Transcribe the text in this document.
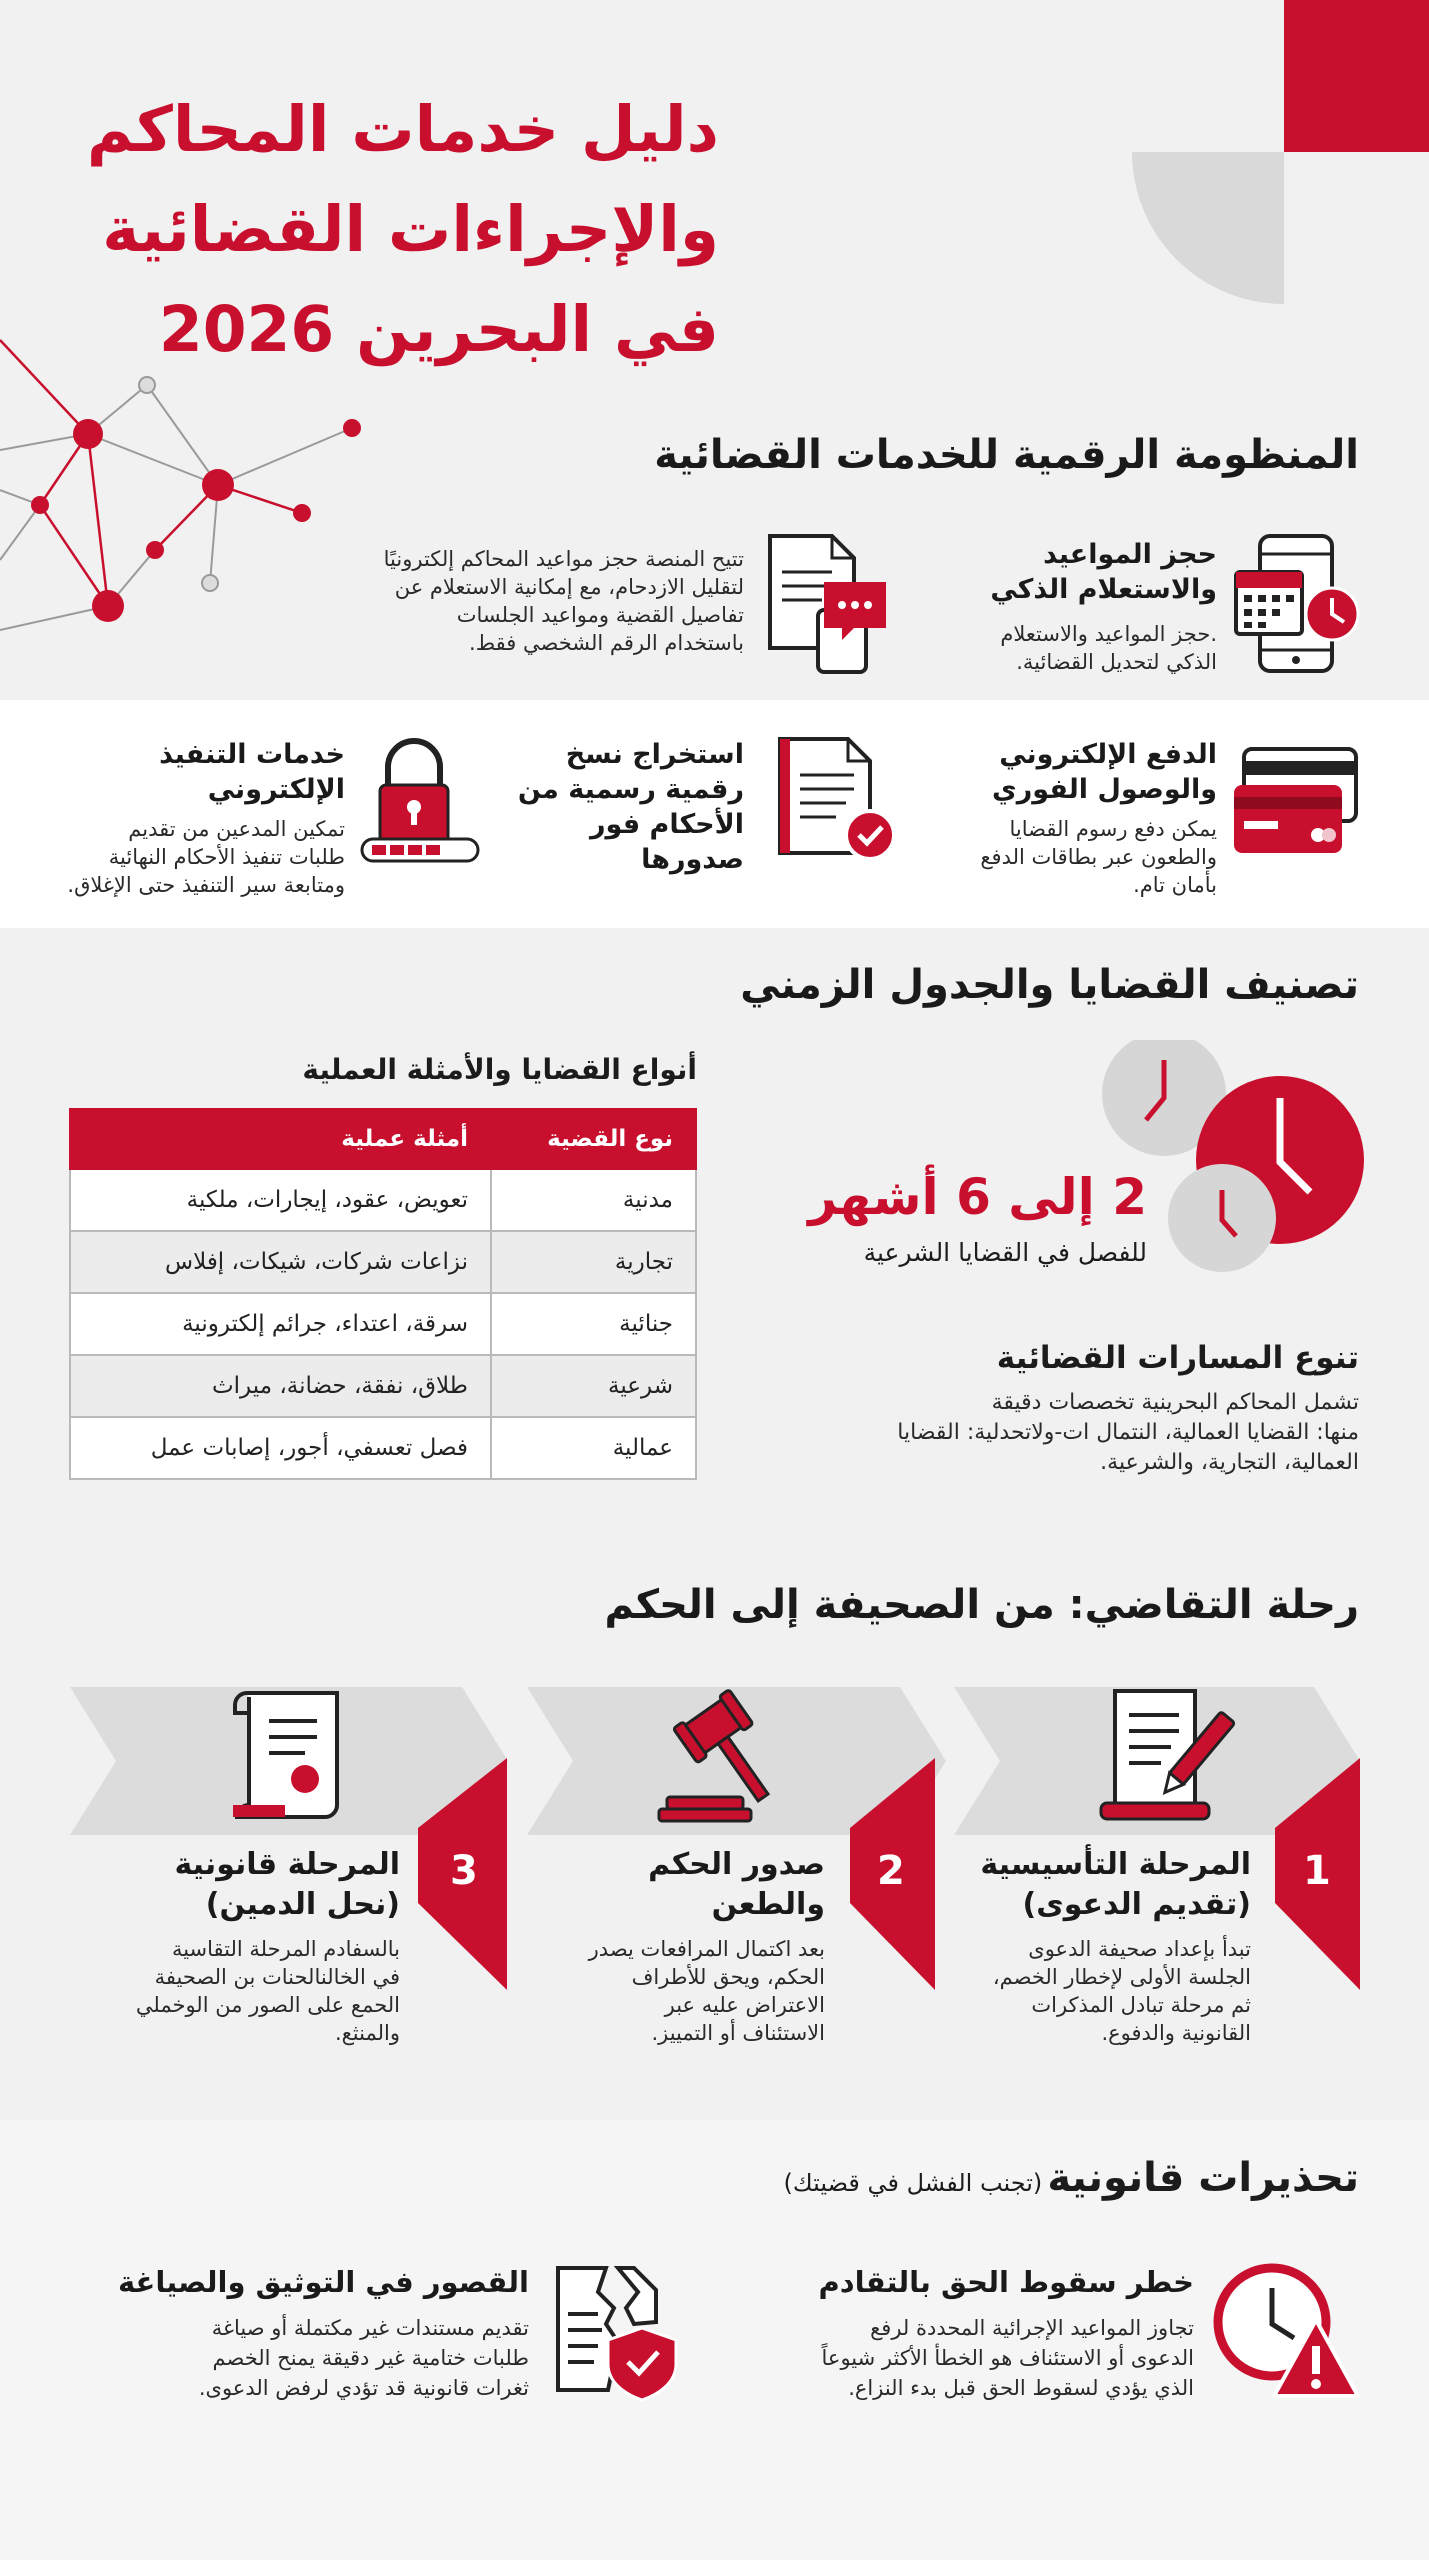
دليل خدمات المحاكم
والإجراءات القضائية
في البحرين 2026
المنظومة الرقمية للخدمات القضائية
حجز المواعيد
والاستعلام الذكي
.حجز المواعيد والاستعلام
الذكي لتحديل القضائية.
تتيح المنصة حجز مواعيد المحاكم إلكترونيًا
لتقليل الازدحام، مع إمكانية الاستعلام عن
تفاصيل القضية ومواعيد الجلسات
باستخدام الرقم الشخصي فقط.
الدفع الإلكتروني
والوصول الفوري
يمكن دفع رسوم القضايا
والطعون عبر بطاقات الدفع
بأمان تام.
استخراج نسخ
رقمية رسمية من
الأحكام فور
صدورها
خدمات التنفيذ
الإلكتروني
تمكين المدعين من تقديم
طلبات تنفيذ الأحكام النهائية
ومتابعة سير التنفيذ حتى الإغلاق.
تصنيف القضايا والجدول الزمني
أنواع القضايا والأمثلة العملية
نوع القضية	أمثلة عملية
مدنية	تعويض، عقود، إيجارات، ملكية
تجارية	نزاعات شركات، شيكات، إفلاس
جنائية	سرقة، اعتداء، جرائم إلكترونية
شرعية	طلاق، نفقة، حضانة، ميراث
عمالية	فصل تعسفي، أجور، إصابات عمل
2 إلى 6 أشهر
للفصل في القضايا الشرعية
تنوع المسارات القضائية
تشمل المحاكم البحرينية تخصصات دقيقة
منها: القضايا العمالية، النتمال ات-ولاتحدلية: القضايا
العمالية، التجارية، والشرعية.
رحلة التقاضي: من الصحيفة إلى الحكم
3	2	1
المرحلة قانونية
(نحل الدمين)
بالسفادم المرحلة التقاسية
في الخالنالحنات بن الصحيفة
الحمع على الصور من الوخملي
والمنثع.
صدور الحكم
والطعن
بعد اكتمال المرافعات يصدر
الحكم، ويحق للأطراف
الاعتراض عليه عبر
الاستئناف أو التمييز.
المرحلة التأسيسية
(تقديم الدعوى)
تبدأ بإعداد صحيفة الدعوى
الجلسة الأولى لإخطار الخصم،
ثم مرحلة تبادل المذكرات
القانونية والدفوع.
تحذيرات قانونية (تجنب الفشل في قضيتك)
خطر سقوط الحق بالتقادم
تجاوز المواعيد الإجرائية المحددة لرفع
الدعوى أو الاستئناف هو الخطأ الأكثر شيوعاً
الذي يؤدي لسقوط الحق قبل بدء النزاع.
القصور في التوثيق والصياغة
تقديم مستندات غير مكتملة أو صياغة
طلبات ختامية غير دقيقة يمنح الخصم
ثغرات قانونية قد تؤدي لرفض الدعوى.
